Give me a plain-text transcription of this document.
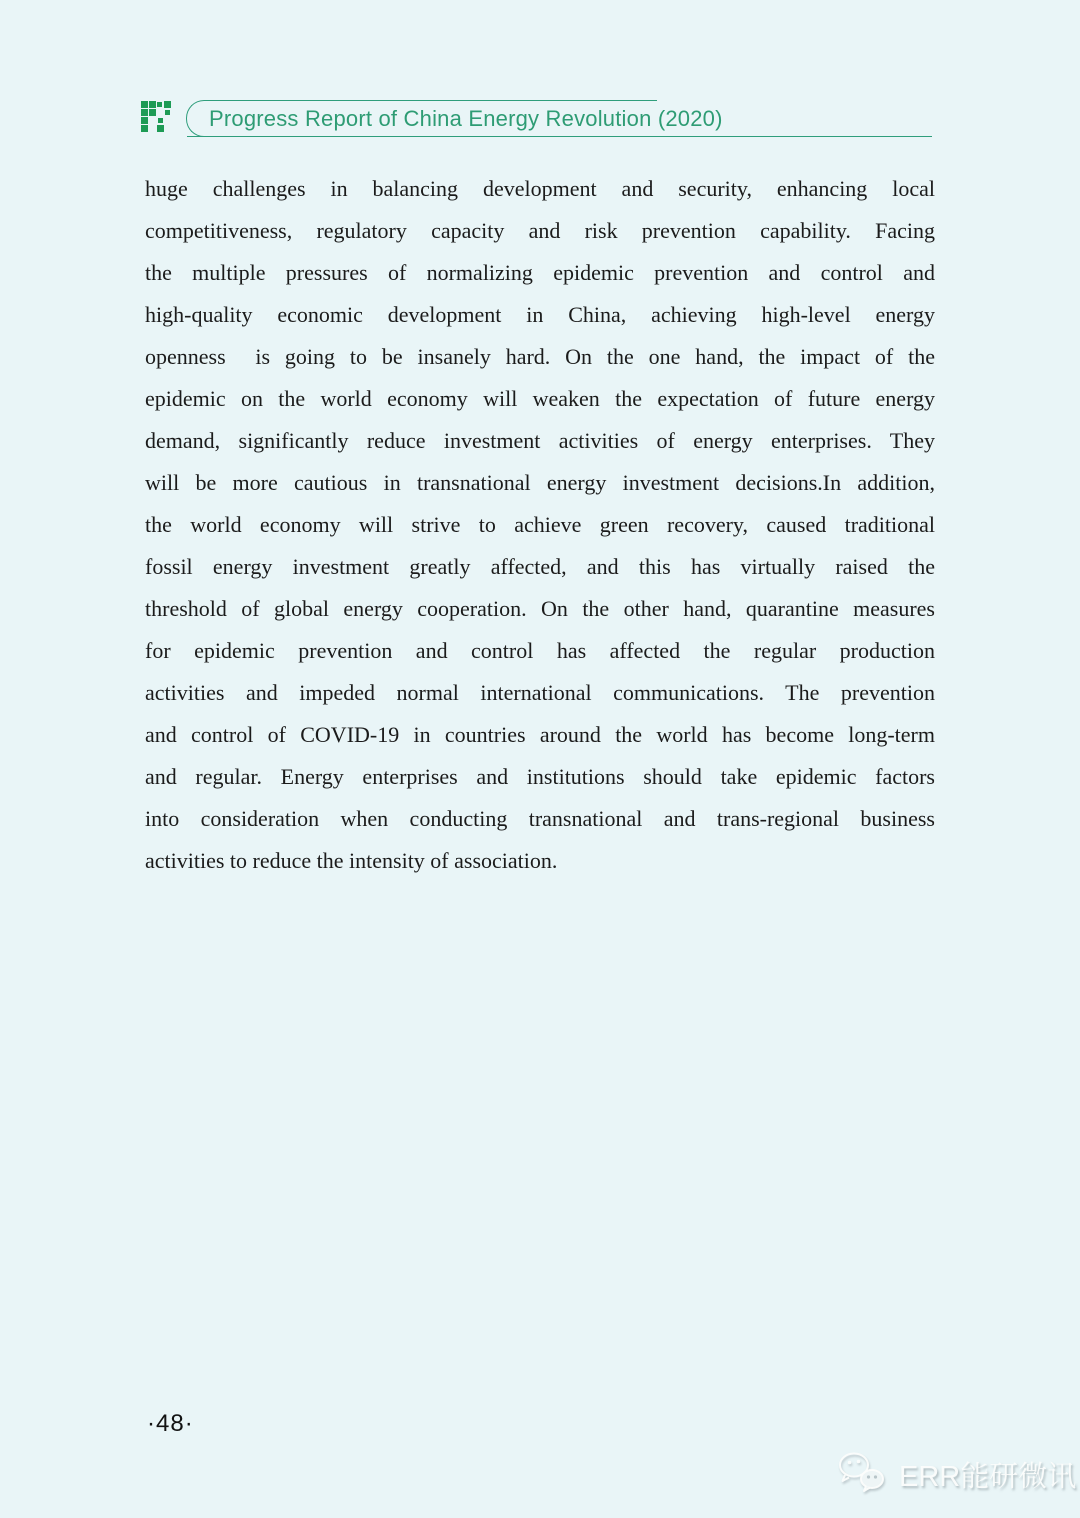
Progress Report of China Energy Revolution (2020)
huge challenges in balancing development and security, enhancing local
competitiveness, regulatory capacity and risk prevention capability. Facing
the multiple pressures of normalizing epidemic prevention and control and
high-quality economic development in China, achieving high-level energy
openness  is going to be insanely hard. On the one hand, the impact of the
epidemic on the world economy will weaken the expectation of future energy
demand, significantly reduce investment activities of energy enterprises. They
will be more cautious in transnational energy investment decisions.In addition,
the world economy will strive to achieve green recovery, caused traditional
fossil energy investment greatly affected, and this has virtually raised the
threshold of global energy cooperation. On the other hand, quarantine measures
for epidemic prevention and control has affected the regular production
activities and impeded normal international communications. The prevention
and control of COVID-19 in countries around the world has become long-term
and regular. Energy enterprises and institutions should take epidemic factors
into consideration when conducting transnational and trans-regional business
activities to reduce the intensity of association.
·48·
ERR能研微讯
